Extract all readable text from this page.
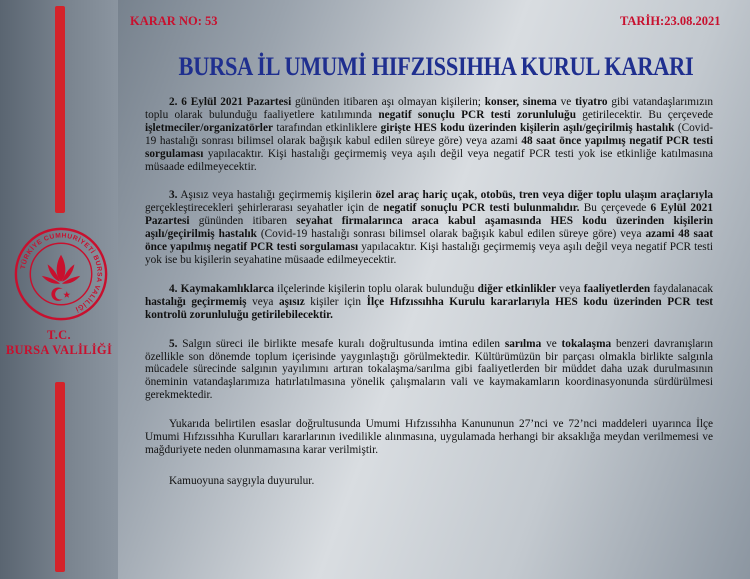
TÜRKİYE CUMHURİYETİ BURSA VALİLİĞİ
T.C.
BURSA VALİLİĞİ
KARAR NO: 53	TARİH:23.08.2021
BURSA İL UMUMİ HIFZISSIHHA KURUL KARARI

2. 6 Eylül 2021 Pazartesi gününden itibaren aşı olmayan kişilerin; konser, sinema ve tiyatro gibi vatandaşlarımızın toplu olarak bulunduğu faaliyetlere katılımında negatif sonuçlu PCR testi zorunluluğu getirilecektir. Bu çerçevede işletmeciler/organizatörler tarafından etkinliklere girişte HES kodu üzerinden kişilerin aşılı/geçirilmiş hastalık (Covid-19 hastalığı sonrası bilimsel olarak bağışık kabul edilen süreye göre) veya azami 48 saat önce yapılmış negatif PCR testi sorgulaması yapılacaktır. Kişi hastalığı geçirmemiş veya aşılı değil veya negatif PCR testi yok ise etkinliğe katılmasına müsaade edilmeyecektir.

3. Aşısız veya hastalığı geçirmemiş kişilerin özel araç hariç uçak, otobüs, tren veya diğer toplu ulaşım araçlarıyla gerçekleştirecekleri şehirlerarası seyahatler için de negatif sonuçlu PCR testi bulunmalıdır. Bu çerçevede 6 Eylül 2021 Pazartesi gününden itibaren seyahat firmalarınca araca kabul aşamasında HES kodu üzerinden kişilerin aşılı/geçirilmiş hastalık (Covid-19 hastalığı sonrası bilimsel olarak bağışık kabul edilen süreye göre) veya azami 48 saat önce yapılmış negatif PCR testi sorgulaması yapılacaktır. Kişi hastalığı geçirmemiş veya aşılı değil veya negatif PCR testi yok ise bu kişilerin seyahatine müsaade edilmeyecektir.

4. Kaymakamlıklarca ilçelerinde kişilerin toplu olarak bulunduğu diğer etkinlikler veya faaliyetlerden faydalanacak hastalığı geçirmemiş veya aşısız kişiler için İlçe Hıfzıssıhha Kurulu kararlarıyla HES kodu üzerinden PCR test kontrolü zorunluluğu getirilebilecektir.

5. Salgın süreci ile birlikte mesafe kuralı doğrultusunda imtina edilen sarılma ve tokalaşma benzeri davranışların özellikle son dönemde toplum içerisinde yaygınlaştığı görülmektedir. Kültürümüzün bir parçası olmakla birlikte salgınla mücadele sürecinde salgının yayılımını artıran tokalaşma/sarılma gibi faaliyetlerden bir müddet daha uzak durulmasının öneminin vatandaşlarımıza hatırlatılmasına yönelik çalışmaların vali ve kaymakamların koordinasyonunda sürdürülmesi gerekmektedir.

Yukarıda belirtilen esaslar doğrultusunda Umumi Hıfzıssıhha Kanununun 27’nci ve 72’nci maddeleri uyarınca İlçe Umumi Hıfzıssıhha Kurulları kararlarının ivedilikle alınmasına, uygulamada herhangi bir aksaklığa meydan verilmemesi ve mağduriyete neden olunmamasına karar verilmiştir.

Kamuoyuna saygıyla duyurulur.
